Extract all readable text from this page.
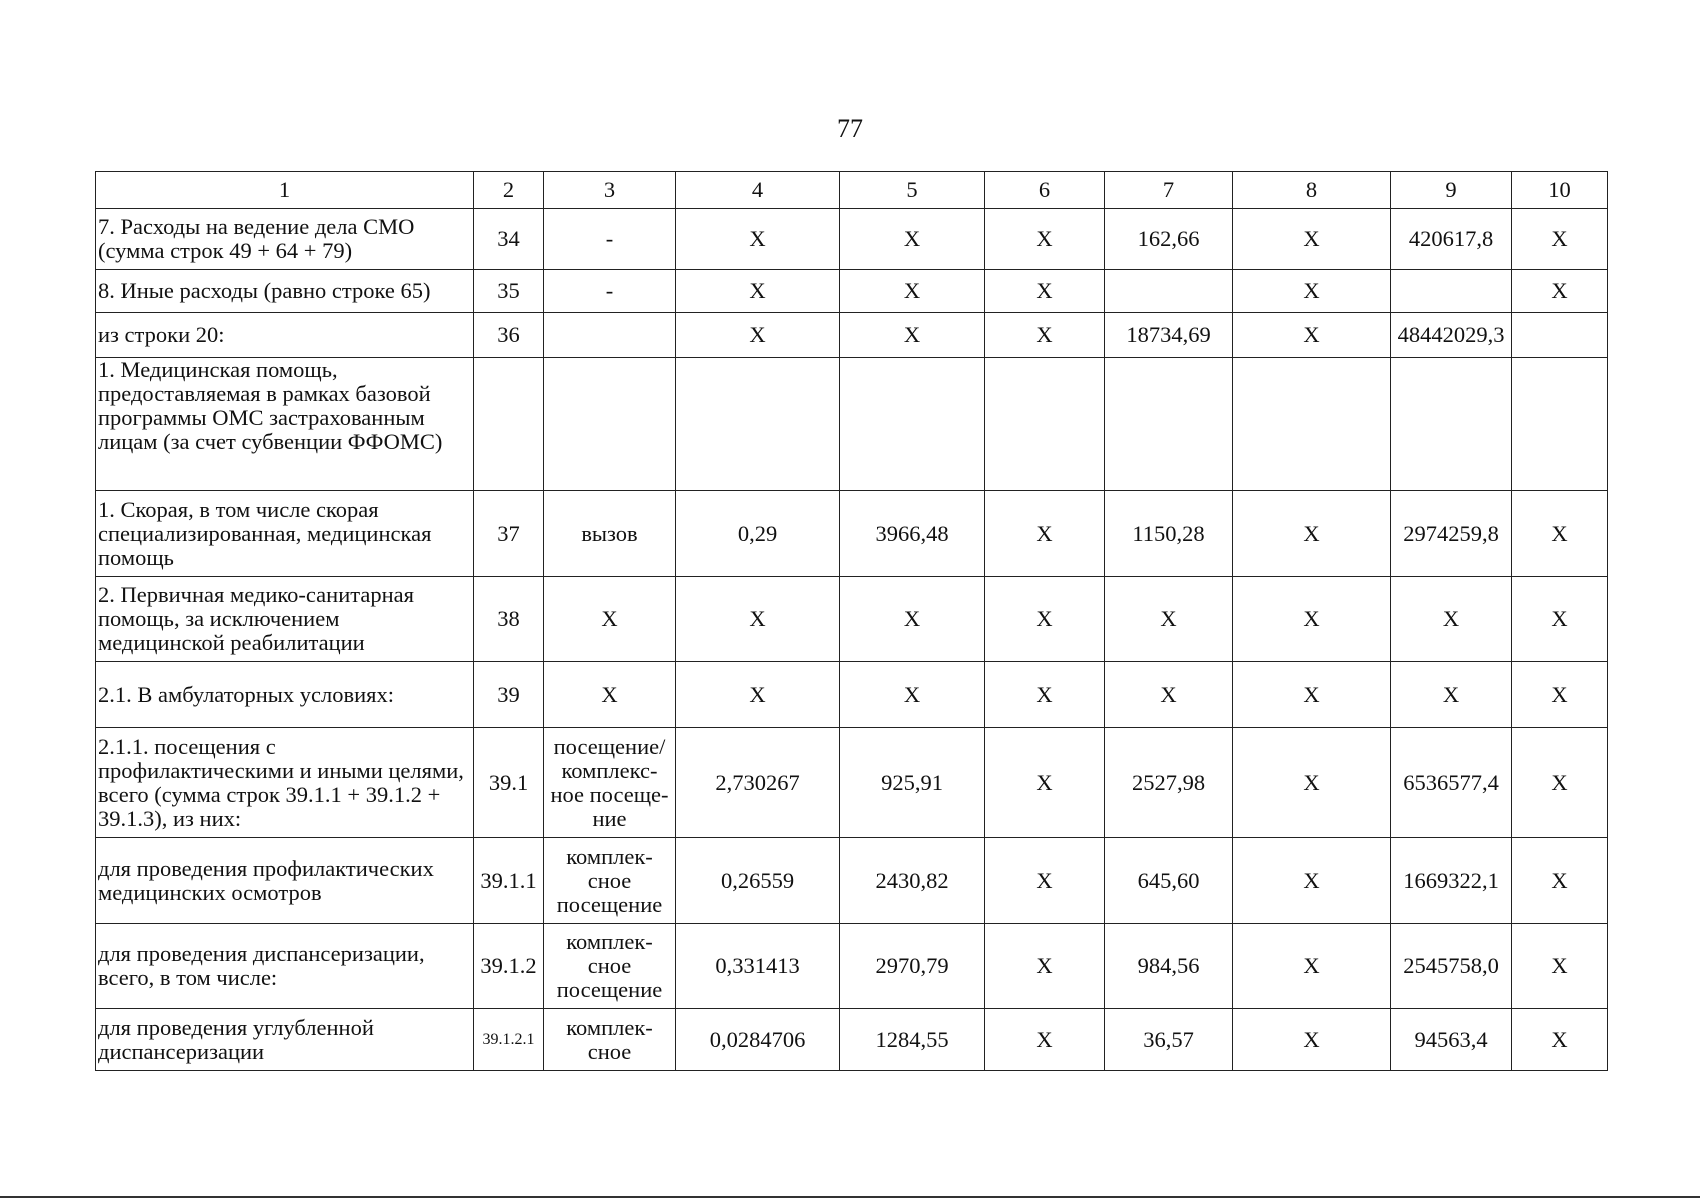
77
1	2	3	4	5	6	7	8	9	10
7. Расходы на ведение дела СМО (сумма строк 49 + 64 + 79)	34	-	X	X	X	162,66	X	420617,8	X
8. Иные расходы (равно строке 65)	35	-	X	X	X		X		X
из строки 20:	36		X	X	X	18734,69	X	48442029,3	
1. Медицинская помощь, предоставляемая в рамках базовой программы ОМС застрахованным лицам (за счет субвенции ФФОМС)									
1. Скорая, в том числе скорая специализированная, медицинская помощь	37	вызов	0,29	3966,48	X	1150,28	X	2974259,8	X
2. Первичная медико-санитарная помощь, за исключением медицинской реабилитации	38	X	X	X	X	X	X	X	X
2.1. В амбулаторных условиях:	39	X	X	X	X	X	X	X	X
2.1.1. посещения с профилактическими и иными целями, всего (сумма строк 39.1.1 + 39.1.2 + 39.1.3), из них:	39.1	посещение/ комплекс-ное посеще-ние	2,730267	925,91	X	2527,98	X	6536577,4	X
для проведения профилактических медицинских осмотров	39.1.1	комплек-сное посещение	0,26559	2430,82	X	645,60	X	1669322,1	X
для проведения диспансеризации, всего, в том числе:	39.1.2	комплек-сное посещение	0,331413	2970,79	X	984,56	X	2545758,0	X
для проведения углубленной диспансеризации	39.1.2.1	комплек-сное	0,0284706	1284,55	X	36,57	X	94563,4	X
